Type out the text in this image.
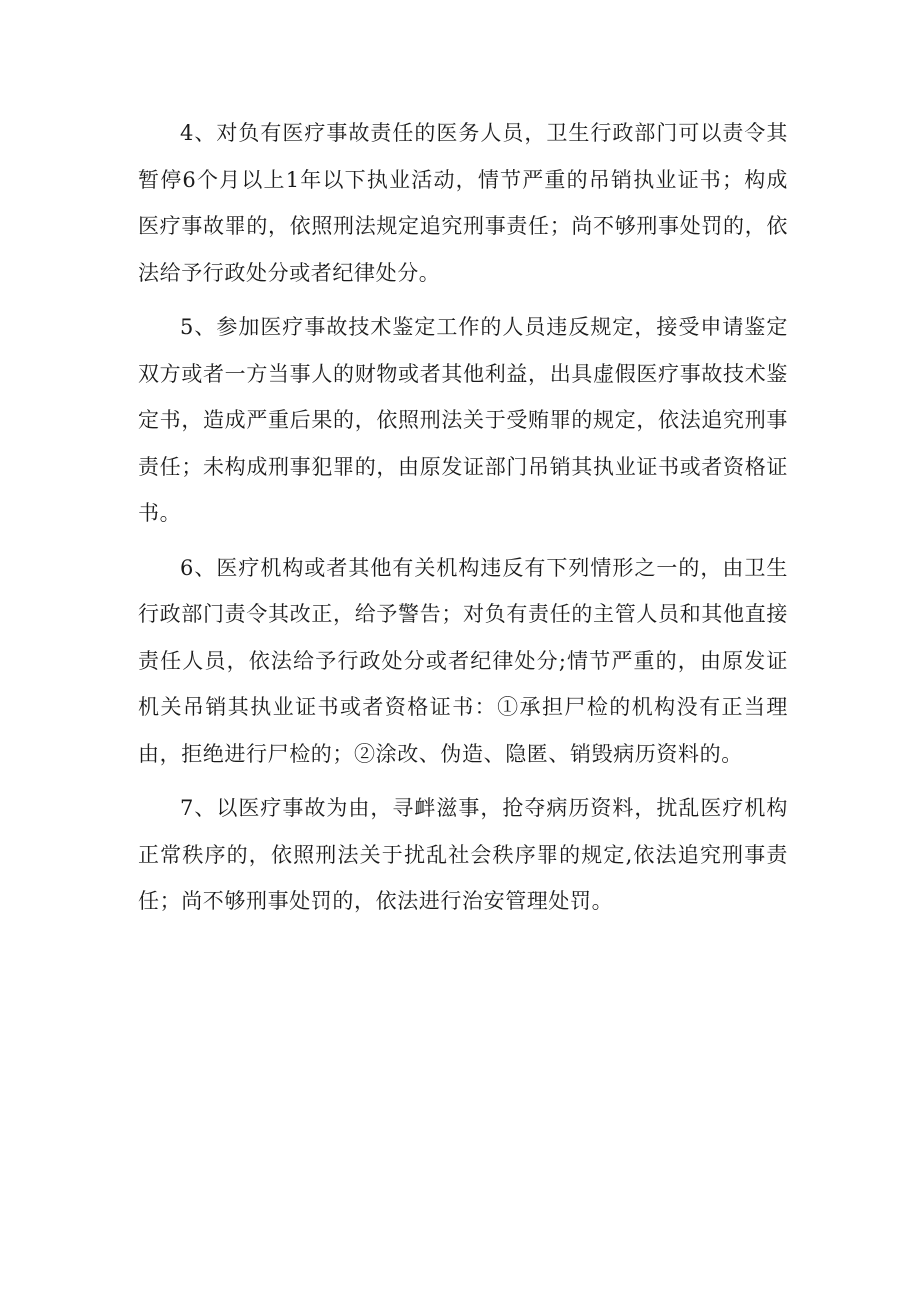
4、对负有医疗事故责任的医务人员，卫生行政部门可以责令其暂停6个月以上1年以下执业活动，情节严重的吊销执业证书；构成医疗事故罪的，依照刑法规定追究刑事责任；尚不够刑事处罚的，依法给予行政处分或者纪律处分。

5、参加医疗事故技术鉴定工作的人员违反规定，接受申请鉴定双方或者一方当事人的财物或者其他利益，出具虚假医疗事故技术鉴定书，造成严重后果的，依照刑法关于受贿罪的规定，依法追究刑事责任；未构成刑事犯罪的，由原发证部门吊销其执业证书或者资格证书。

6、医疗机构或者其他有关机构违反有下列情形之一的，由卫生行政部门责令其改正，给予警告；对负有责任的主管人员和其他直接责任人员，依法给予行政处分或者纪律处分;情节严重的，由原发证机关吊销其执业证书或者资格证书：①承担尸检的机构没有正当理由，拒绝进行尸检的；②涂改、伪造、隐匿、销毁病历资料的。

7、以医疗事故为由，寻衅滋事，抢夺病历资料，扰乱医疗机构正常秩序的，依照刑法关于扰乱社会秩序罪的规定,依法追究刑事责任；尚不够刑事处罚的，依法进行治安管理处罚。
